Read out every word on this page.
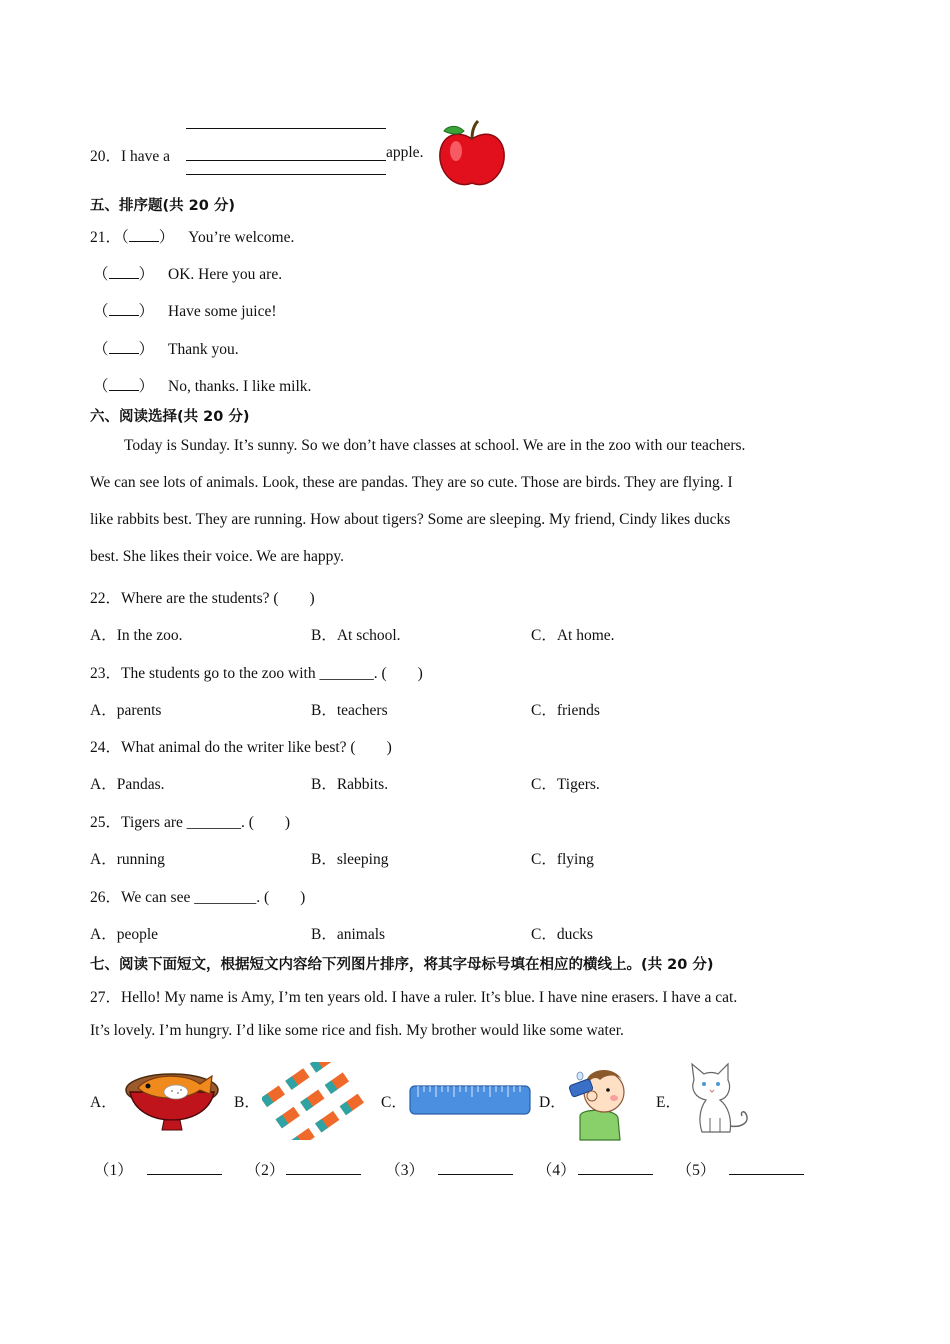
20．I have a	apple.
五、排序题(共 20 分)
21．（ ） You’re welcome.
（ ） OK. Here you are.
（ ） Have some juice!
（ ） Thank you.
（ ） No, thanks. I like milk.
六、阅读选择(共 20 分)
Today is Sunday. It’s sunny. So we don’t have classes at school. We are in the zoo with our teachers.
We can see lots of animals. Look, these are pandas. They are so cute. Those are birds. They are flying. I
like rabbits best. They are running. How about tigers? Some are sleeping. My friend, Cindy likes ducks
best. She likes their voice. We are happy.
22．Where are the students? (　　)
A．In the zoo.	B．At school.	C．At home.
23．The students go to the zoo with _______. (　　)
A．parents	B．teachers	C．friends
24．What animal do the writer like best? (　　)
A．Pandas.	B．Rabbits.	C．Tigers.
25．Tigers are _______. (　　)
A．running	B．sleeping	C．flying
26．We can see ________. (　　)
A．people	B．animals	C．ducks
七、阅读下面短文，根据短文内容给下列图片排序，将其字母标号填在相应的横线上。(共 20 分)
27．Hello! My name is Amy, I’m ten years old. I have a ruler. It’s blue. I have nine erasers. I have a cat.
It’s lovely. I’m hungry. I’d like some rice and fish. My brother would like some water.
A．	B．	C．	D．	E．
（1）	（2）	（3）	（4）	（5）
